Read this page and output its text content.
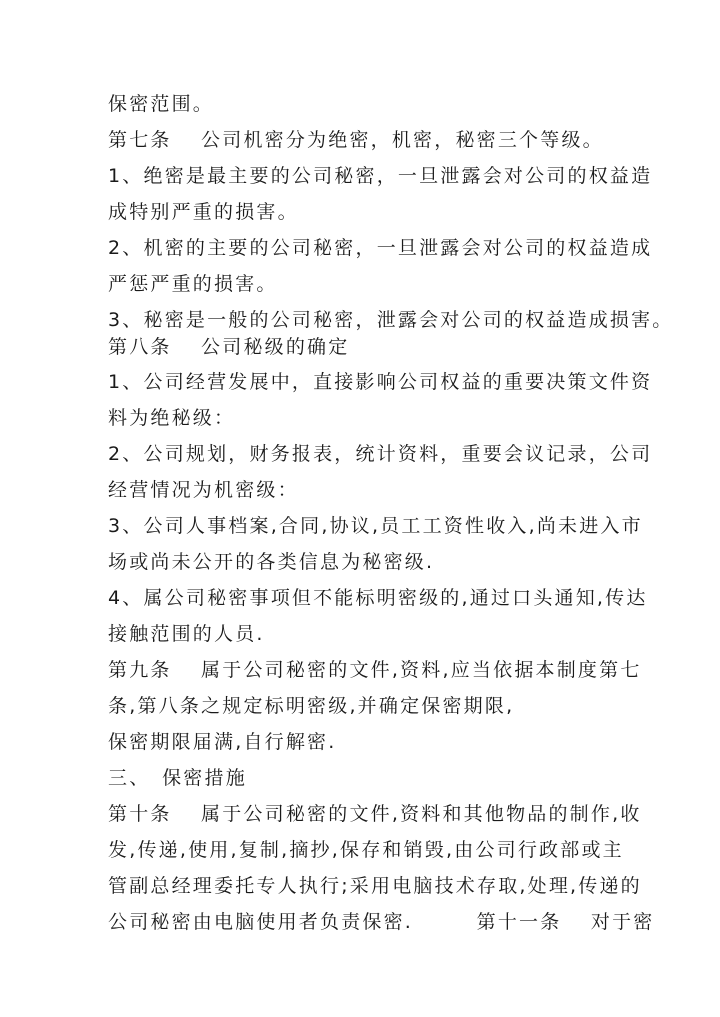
保密范围。
第七条　 公司机密分为绝密，机密，秘密三个等级。
1、绝密是最主要的公司秘密，一旦泄露会对公司的权益造
成特别严重的损害。
2、机密的主要的公司秘密，一旦泄露会对公司的权益造成
严惩严重的损害。
3、秘密是一般的公司秘密，泄露会对公司的权益造成损害。
第八条　 公司秘级的确定
1、公司经营发展中，直接影响公司权益的重要决策文件资
料为绝秘级：
2、公司规划，财务报表，统计资料，重要会议记录，公司
经营情况为机密级：
3、公司人事档案,合同,协议,员工工资性收入,尚未进入市
场或尚未公开的各类信息为秘密级.
4、属公司秘密事项但不能标明密级的,通过口头通知,传达
接触范围的人员.
第九条　 属于公司秘密的文件,资料,应当依据本制度第七
条,第八条之规定标明密级,并确定保密期限,
保密期限届满,自行解密.
三、　保密措施
第十条　 属于公司秘密的文件,资料和其他物品的制作,收
发,传递,使用,复制,摘抄,保存和销毁,由公司行政部或主
管副总经理委托专人执行;采用电脑技术存取,处理,传递的
公司秘密由电脑使用者负责保密.　　　第十一条　 对于密
